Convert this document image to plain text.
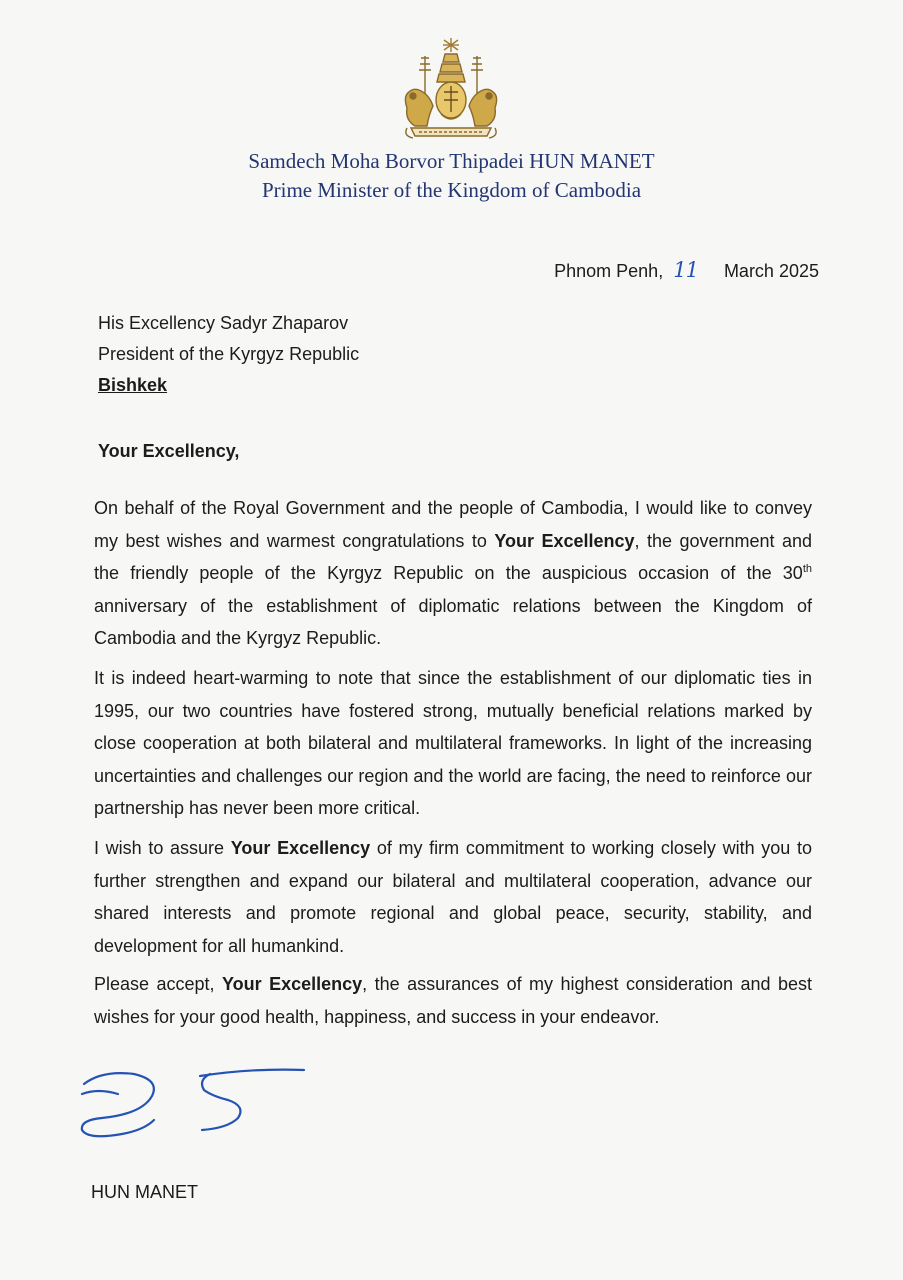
Samdech Moha Borvor Thipadei HUN MANET
Prime Minister of the Kingdom of Cambodia
Phnom Penh, 11 March 2025
His Excellency Sadyr Zhaparov
President of the Kyrgyz Republic
Bishkek
Your Excellency,

On behalf of the Royal Government and the people of Cambodia, I would like to convey my best wishes and warmest congratulations to Your Excellency, the government and the friendly people of the Kyrgyz Republic on the auspicious occasion of the 30th anniversary of the establishment of diplomatic relations between the Kingdom of Cambodia and the Kyrgyz Republic.

It is indeed heart-warming to note that since the establishment of our diplomatic ties in 1995, our two countries have fostered strong, mutually beneficial relations marked by close cooperation at both bilateral and multilateral frameworks. In light of the increasing uncertainties and challenges our region and the world are facing, the need to reinforce our partnership has never been more critical.

I wish to assure Your Excellency of my firm commitment to working closely with you to further strengthen and expand our bilateral and multilateral cooperation, advance our shared interests and promote regional and global peace, security, stability, and development for all humankind.

Please accept, Your Excellency, the assurances of my highest consideration and best wishes for your good health, happiness, and success in your endeavor.

HUN MANET
